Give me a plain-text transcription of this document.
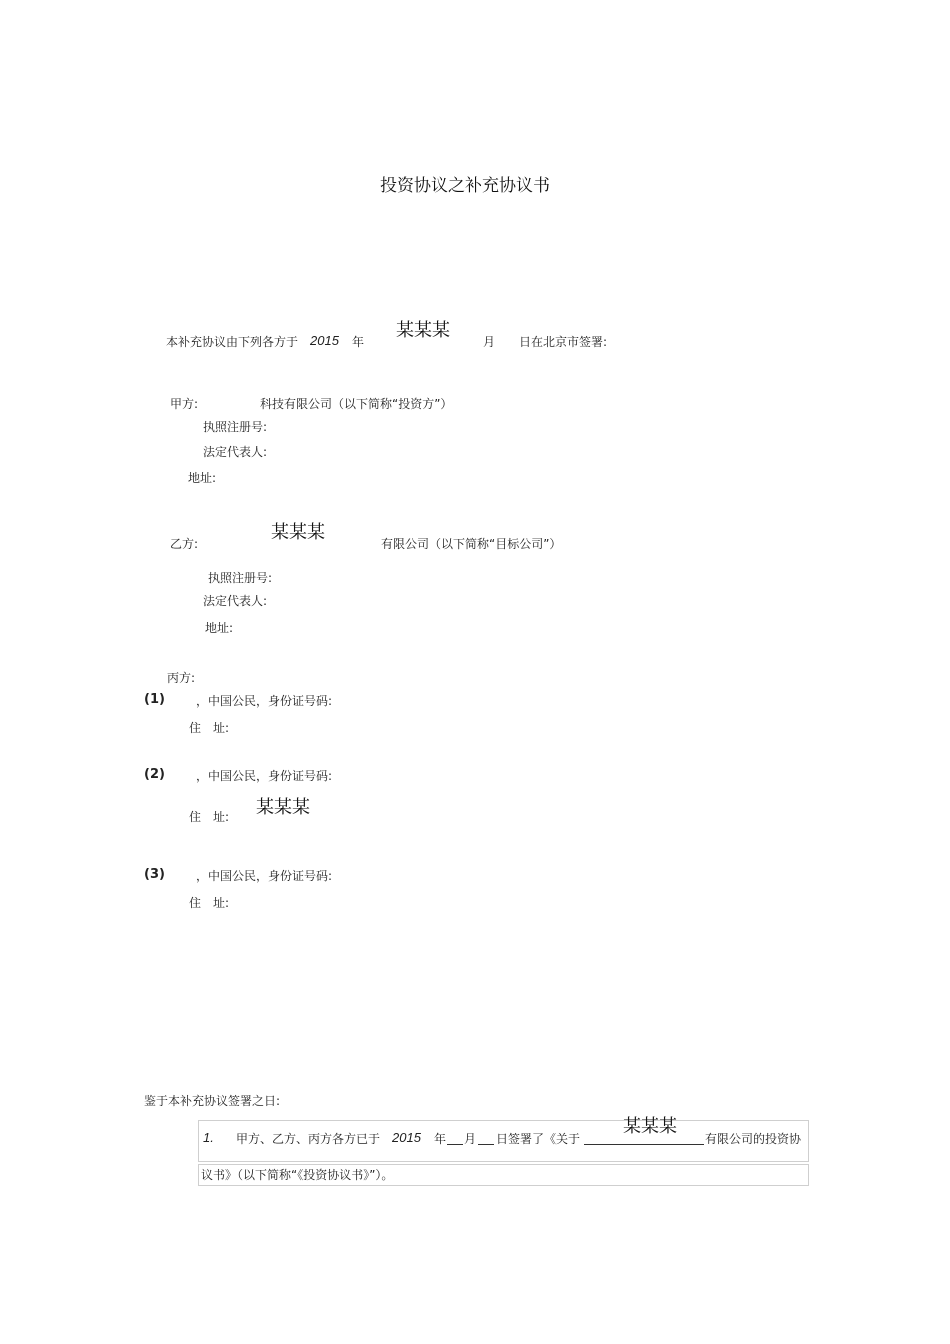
投资协议之补充协议书
本补充协议由下列各方于 2015 年
某某某
月 日在北京市签署:
甲方:	科技有限公司（以下简称“投资方”）
执照注册号:
法定代表人:
地址:
乙方:
某某某
有限公司（以下简称“目标公司”）
执照注册号:
法定代表人:
地址:
丙方:
(1)	，中国公民，身份证号码:
住　址:
(2)	，中国公民，身份证号码:
住　址: 某某某
(3)	，中国公民，身份证号码:
住　址:
鉴于本补充协议签署之日:
1. 甲方、乙方、丙方各方已于 2015 年 月 日签署了《关于
某某某
有限公司的投资协
议书》（以下简称“《投资协议书》”）。
